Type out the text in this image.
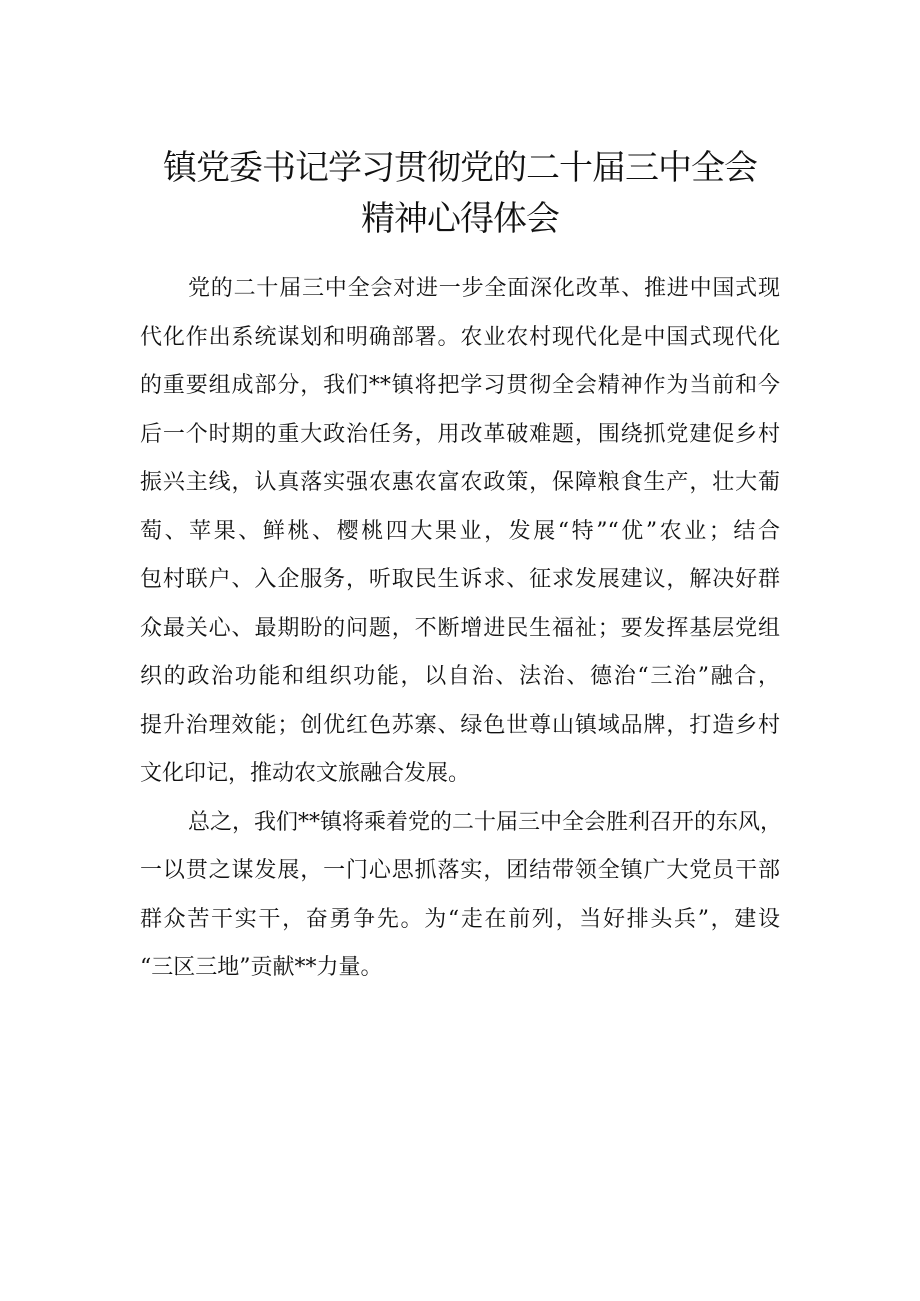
镇党委书记学习贯彻党的二十届三中全会
精神心得体会
党的二十届三中全会对进一步全面深化改革、推进中国式现
代化作出系统谋划和明确部署。农业农村现代化是中国式现代化
的重要组成部分，我们**镇将把学习贯彻全会精神作为当前和今
后一个时期的重大政治任务，用改革破难题，围绕抓党建促乡村
振兴主线，认真落实强农惠农富农政策，保障粮食生产，壮大葡
萄、苹果、鲜桃、樱桃四大果业，发展“特”“优”农业；结合
包村联户、入企服务，听取民生诉求、征求发展建议，解决好群
众最关心、最期盼的问题，不断增进民生福祉；要发挥基层党组
织的政治功能和组织功能，以自治、法治、德治“三治”融合，
提升治理效能；创优红色苏寨、绿色世尊山镇域品牌，打造乡村
文化印记，推动农文旅融合发展。
总之，我们**镇将乘着党的二十届三中全会胜利召开的东风，
一以贯之谋发展，一门心思抓落实，团结带领全镇广大党员干部
群众苦干实干，奋勇争先。为“走在前列，当好排头兵”，建设
“三区三地”贡献**力量。
